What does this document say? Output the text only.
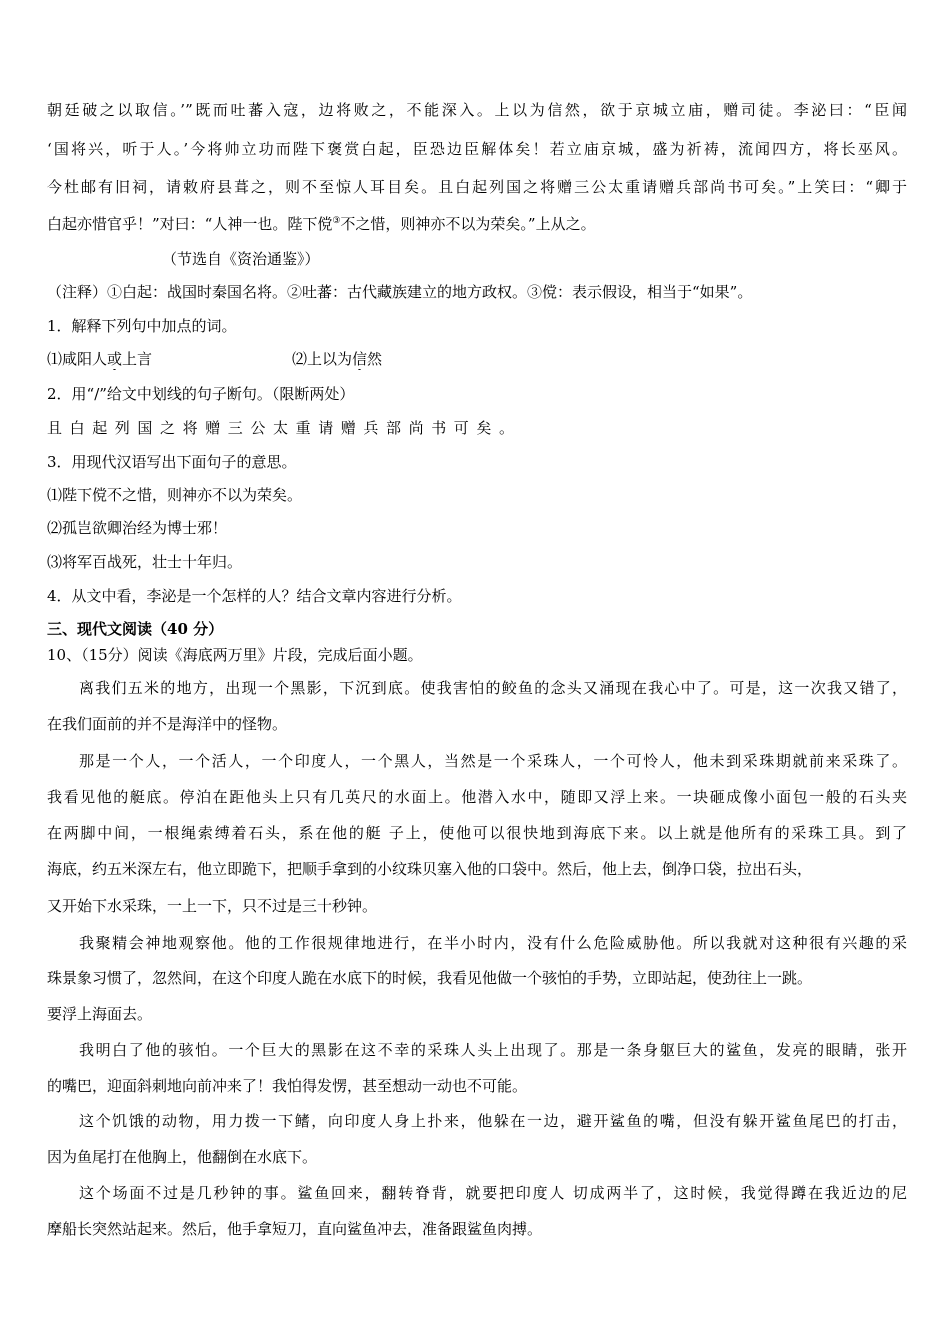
朝廷破之以取信。’”既而吐蕃入寇，边将败之，不能深入。上以为信然，欲于京城立庙，赠司徒。李泌曰：“臣闻
‘国将兴，听于人。’今将帅立功而陛下褒赏白起，臣恐边臣解体矣！若立庙京城，盛为祈祷，流闻四方，将长巫风。
今杜邮有旧祠，请敕府县葺之，则不至惊人耳目矣。且白起列国之将赠三公太重请赠兵部尚书可矣。”上笑曰：“卿于
白起亦惜官乎！”对曰：“人神一也。陛下傥③不之惜，则神亦不以为荣矣。”上从之。
（节选自《资治通鉴》）
（注释）①白起：战国时秦国名将。②吐蕃：古代藏族建立的地方政权。③傥：表示假设，相当于“如果”。
1．解释下列句中加点的词。
⑴咸阳人或上言	⑵上以为信然
2．用“/”给文中划线的句子断句。（限断两处）
且白起列国之将赠三公太重请赠兵部尚书可矣。
3．用现代汉语写出下面句子的意思。
⑴陛下傥不之惜，则神亦不以为荣矣。
⑵孤岂欲卿治经为博士邪！
⑶将军百战死，壮士十年归。
4．从文中看，李泌是一个怎样的人？结合文章内容进行分析。
三、现代文阅读（40 分）
10、（15分）阅读《海底两万里》片段，完成后面小题。
离我们五米的地方，出现一个黑影，下沉到底。使我害怕的鲛鱼的念头又涌现在我心中了。可是，这一次我又错了，
在我们面前的并不是海洋中的怪物。
那是一个人，一个活人，一个印度人，一个黑人，当然是一个采珠人，一个可怜人，他未到采珠期就前来采珠了。
我看见他的艇底。停泊在距他头上只有几英尺的水面上。他潜入水中，随即又浮上来。一块砸成像小面包一般的石头夹
在两脚中间，一根绳索缚着石头，系在他的艇 子上，使他可以很快地到海底下来。以上就是他所有的采珠工具。到了
海底，约五米深左右，他立即跪下，把顺手拿到的小纹珠贝塞入他的口袋中。然后，他上去，倒净口袋，拉出石头，
又开始下水采珠，一上一下，只不过是三十秒钟。
我聚精会神地观察他。他的工作很规律地进行，在半小时内，没有什么危险威胁他。所以我就对这种很有兴趣的采
珠景象习惯了，忽然间，在这个印度人跪在水底下的时候，我看见他做一个骇怕的手势，立即站起，使劲往上一跳。
要浮上海面去。
我明白了他的骇怕。一个巨大的黑影在这不幸的采珠人头上出现了。那是一条身躯巨大的鲨鱼，发亮的眼睛，张开
的嘴巴，迎面斜刺地向前冲来了！我怕得发愣，甚至想动一动也不可能。
这个饥饿的动物，用力拨一下鳍，向印度人身上扑来，他躲在一边，避开鲨鱼的嘴，但没有躲开鲨鱼尾巴的打击，
因为鱼尾打在他胸上，他翻倒在水底下。
这个场面不过是几秒钟的事。鲨鱼回来，翻转脊背，就要把印度人 切成两半了，这时候，我觉得蹲在我近边的尼
摩船长突然站起来。然后，他手拿短刀，直向鲨鱼冲去，准备跟鲨鱼肉搏。
